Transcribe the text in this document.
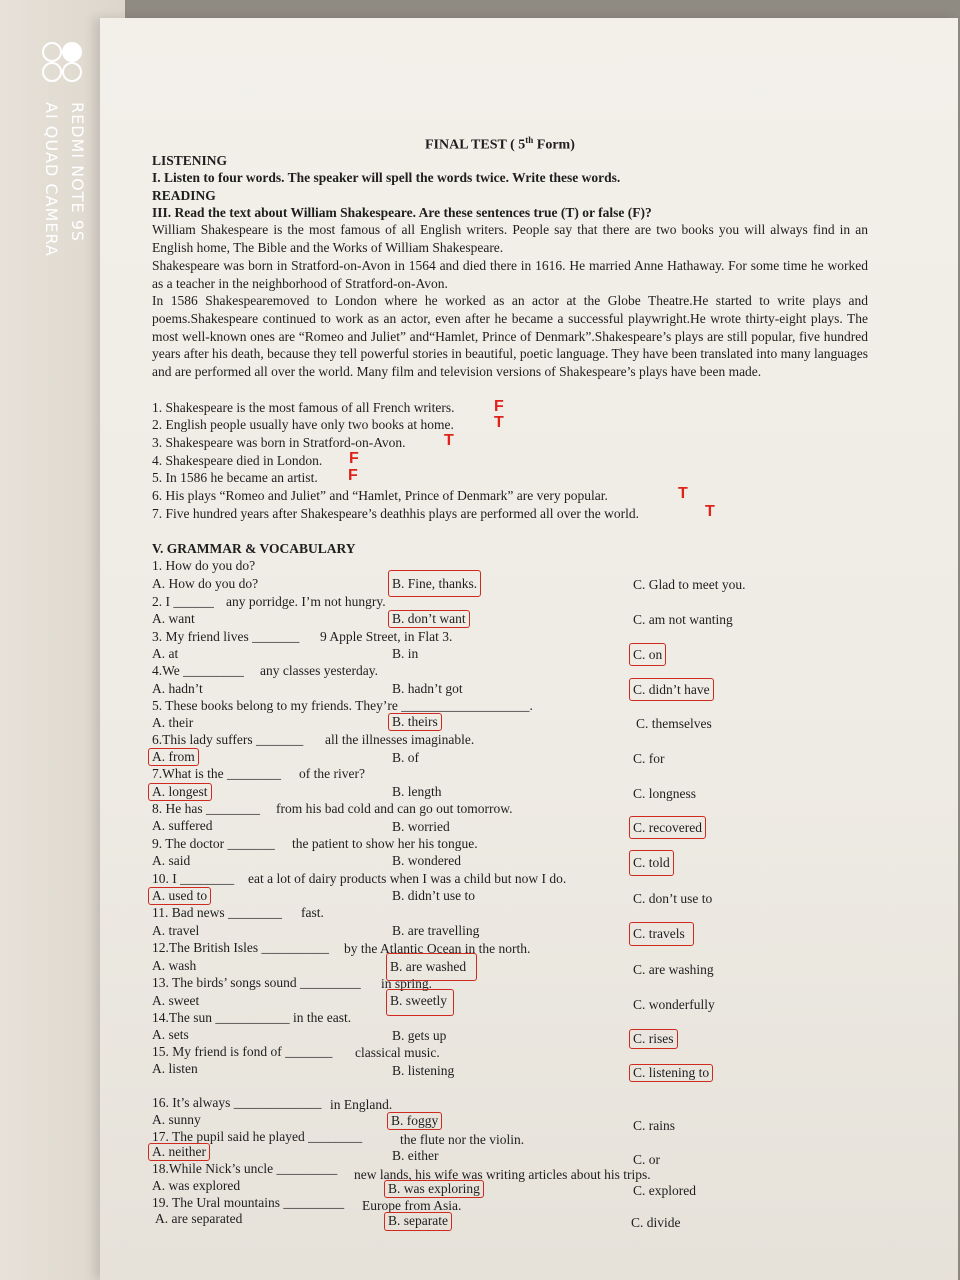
REDMI NOTE 9S
AI QUAD CAMERA	FINAL TEST ( 5th Form)
LISTENING
I. Listen to four words. The speaker will spell the words twice. Write these words.
READING
III. Read the text about William Shakespeare. Are these sentences true (T) or false (F)?
William Shakespeare is the most famous of all English writers. People say that there are two books you will always find in an English home, The Bible and the Works of William Shakespeare.
Shakespeare was born in Stratford-on-Avon in 1564 and died there in 1616. He married Anne Hathaway. For some time he worked as a teacher in the neighborhood of Stratford-on-Avon.
In 1586 Shakespearemoved to London where he worked as an actor at the Globe Theatre.He started to write plays and poems.Shakespeare continued to work as an actor, even after he became a successful playwright.He wrote thirty-eight plays. The most well-known ones are “Romeo and Juliet” and“Hamlet, Prince of Denmark”.Shakespeare’s plays are still popular, five hundred years after his death, because they tell powerful stories in beautiful, poetic language. They have been translated into many languages and are performed all over the world. Many film and television versions of Shakespeare’s plays have been made.
1. Shakespeare is the most famous of all French writers. F
2. English people usually have only two books at home.	T
3. Shakespeare was born in Stratford-on-Avon. T
4. Shakespeare died in London. F
5. In 1586 he became an artist. F
6. His plays “Romeo and Juliet” and “Hamlet, Prince of Denmark” are very popular.	T
7. Five hundred years after Shakespeare’s deathhis plays are performed all over the world.	T
V. GRAMMAR & VOCABULARY
1. How do you do?
A. How do you do?	B. Fine, thanks.	C. Glad to meet you.
2. I ______ any porridge. I’m not hungry.
A. want	B. don’t want	C. am not wanting
3. My friend lives _______ 9 Apple Street, in Flat 3.
A. at	B. in	C. on
4.We _________ any classes yesterday.
A. hadn’t	B. hadn’t got	C. didn’t have
5. These books belong to my friends. They’re ___________________.
A. their	B. theirs	C. themselves
6.This lady suffers _______ all the illnesses imaginable.
A. from	B. of	C. for
7.What is the ________ of the river?
A. longest	B. length	C. longness
8. He has ________ from his bad cold and can go out tomorrow.
A. suffered	B. worried	C. recovered
9. The doctor _______ the patient to show her his tongue.
A. said	B. wondered	C. told
10. I ________ eat a lot of dairy products when I was a child but now I do.
A. used to	B. didn’t use to	C. don’t use to
11. Bad news ________ fast.
A. travel	B. are travelling	C. travels
12.The British Isles __________ by the Atlantic Ocean in the north.
A. wash	B. are washed	C. are washing
13. The birds’ songs sound _________ in spring.
A. sweet	B. sweetly	C. wonderfully
14.The sun ___________ in the east.
A. sets	B. gets up	C. rises
15. My friend is fond of _______ classical music.
A. listen	B. listening	C. listening to
16. It’s always _____________ in England.
A. sunny	B. foggy	C. rains
17. The pupil said he played ________	the flute nor the violin.
A. neither	B. either	C. or
18.While Nick’s uncle _________ new lands, his wife was writing articles about his trips.
A. was explored	B. was exploring	C. explored
19. The Ural mountains _________ Europe from Asia.
A. are separated	B. separate	C. divide
